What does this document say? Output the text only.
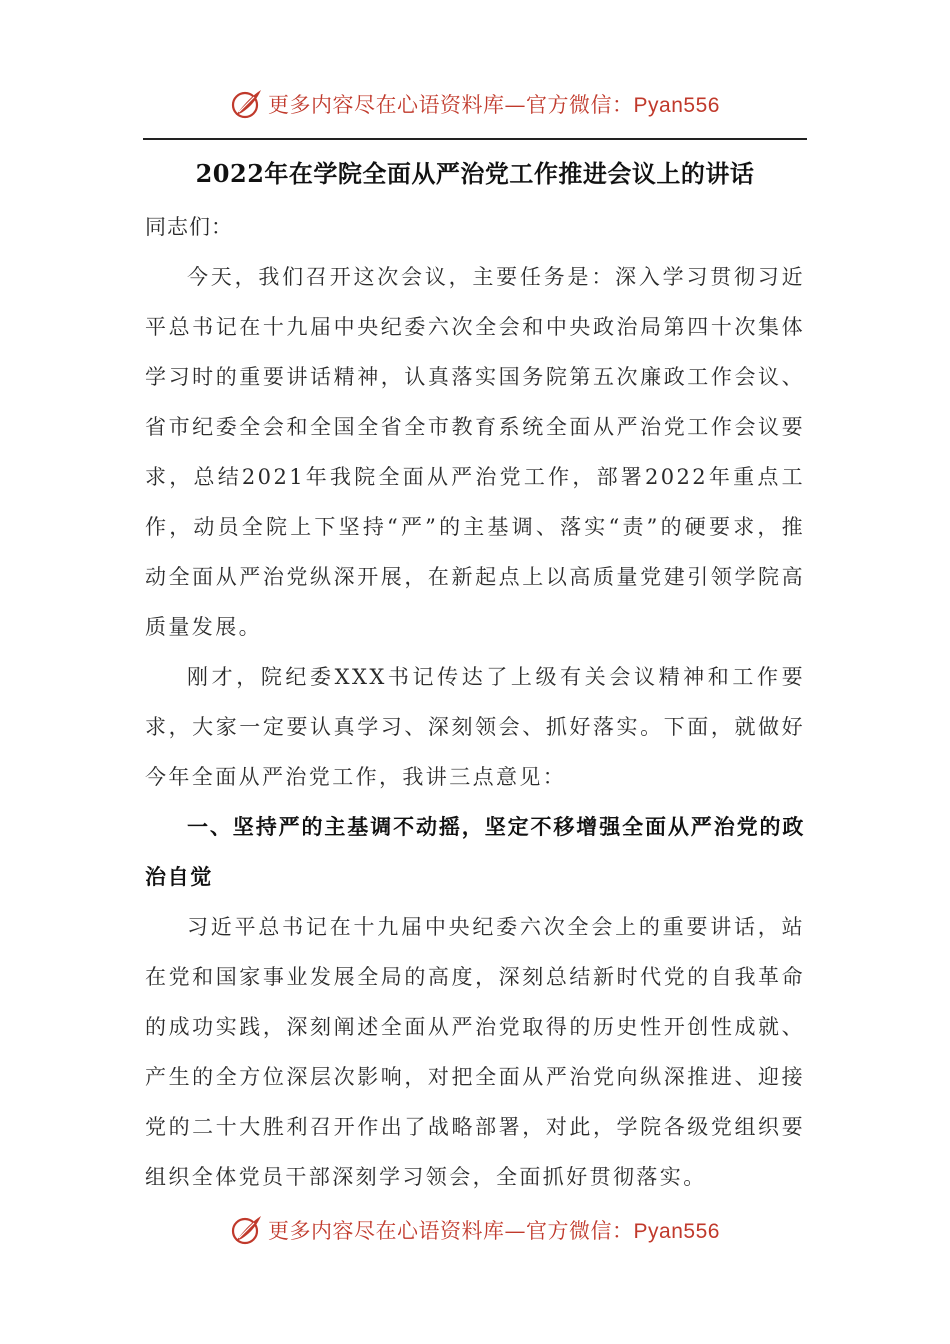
更多内容尽在心语资料库—官方微信：Pyan556
2022年在学院全面从严治党工作推进会议上的讲话

同志们：

今天，我们召开这次会议，主要任务是：深入学习贯彻习近平总书记在十九届中央纪委六次全会和中央政治局第四十次集体学习时的重要讲话精神，认真落实国务院第五次廉政工作会议、省市纪委全会和全国全省全市教育系统全面从严治党工作会议要求，总结2021年我院全面从严治党工作，部署2022年重点工作，动员全院上下坚持“严”的主基调、落实“责”的硬要求，推动全面从严治党纵深开展，在新起点上以高质量党建引领学院高质量发展。

刚才，院纪委XXX书记传达了上级有关会议精神和工作要求，大家一定要认真学习、深刻领会、抓好落实。下面，就做好今年全面从严治党工作，我讲三点意见：

一、坚持严的主基调不动摇，坚定不移增强全面从严治党的政治自觉

习近平总书记在十九届中央纪委六次全会上的重要讲话，站在党和国家事业发展全局的高度，深刻总结新时代党的自我革命的成功实践，深刻阐述全面从严治党取得的历史性开创性成就、产生的全方位深层次影响，对把全面从严治党向纵深推进、迎接党的二十大胜利召开作出了战略部署，对此，学院各级党组织要组织全体党员干部深刻学习领会，全面抓好贯彻落实。

更多内容尽在心语资料库—官方微信：Pyan556
